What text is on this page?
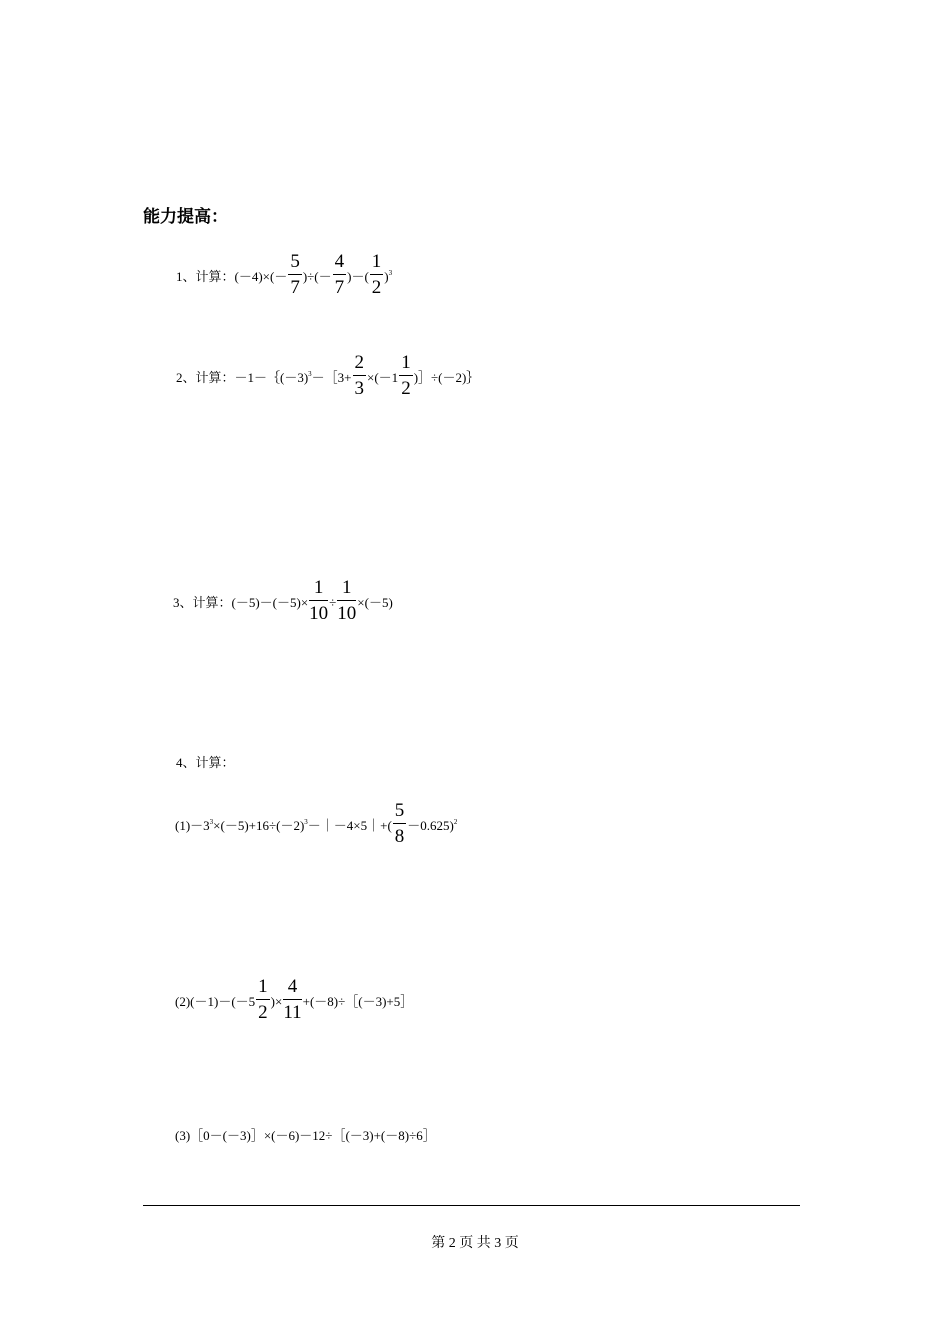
能力提高：
1、计算：$(-4)\times(- \frac{5}{7}$ )÷(－ $\frac{4}{7}$ )－( $\frac{1}{2} )^3$
2、计算：$-1-\{(-3)^3-[3+ \frac{2}{3} \times(-1 \frac{1}{2}$ )］÷(－2)｝
3、计算：$(-5)-(-5)\times \frac{1}{10} \div \frac{1}{10} \times(-5)$
4、计算：
$(1)-3^3\times(-5)+16\div(-2)^3-|-4\times 5|+( \frac{5}{8} -0.625)^2$
$(2)(-1)-(-5 \frac{1}{2}$ )× $\frac{4}{11}$ +(－8)÷［(－3)+5］
(3)［0－(－3)］×(－6)－12÷［(－3)+(－8)÷6］
第 2 页 共 3 页
